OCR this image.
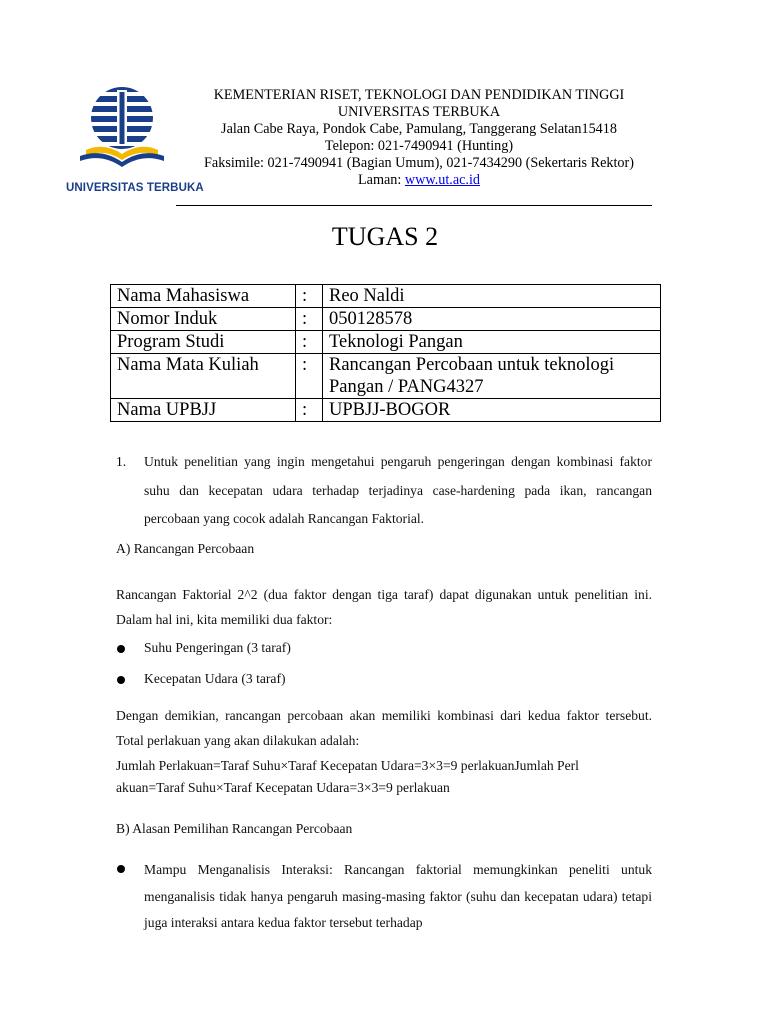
UNIVERSITAS TERBUKA
KEMENTERIAN RISET, TEKNOLOGI DAN PENDIDIKAN TINGGI
UNIVERSITAS TERBUKA
Jalan Cabe Raya, Pondok Cabe, Pamulang, Tanggerang Selatan15418
Telepon: 021-7490941 (Hunting)
Faksimile: 021-7490941 (Bagian Umum), 021-7434290 (Sekertaris Rektor)
Laman: www.ut.ac.id
TUGAS 2
Nama Mahasiswa	:	Reo Naldi
Nomor Induk	:	050128578
Program Studi	:	Teknologi Pangan
Nama Mata Kuliah	:	Rancangan Percobaan untuk teknologi Pangan / PANG4327
Nama UPBJJ	:	UPBJJ-BOGOR
1. Untuk penelitian yang ingin mengetahui pengaruh pengeringan dengan kombinasi faktor suhu dan kecepatan udara terhadap terjadinya case-hardening pada ikan, rancangan percobaan yang cocok adalah Rancangan Faktorial.
A) Rancangan Percobaan
Rancangan Faktorial 2^2 (dua faktor dengan tiga taraf) dapat digunakan untuk penelitian ini. Dalam hal ini, kita memiliki dua faktor:
Suhu Pengeringan (3 taraf)
Kecepatan Udara (3 taraf)
Dengan demikian, rancangan percobaan akan memiliki kombinasi dari kedua faktor tersebut. Total perlakuan yang akan dilakukan adalah:
Jumlah Perlakuan=Taraf Suhu×Taraf Kecepatan Udara=3×3=9 perlakuanJumlah Perl
akuan=Taraf Suhu×Taraf Kecepatan Udara=3×3=9 perlakuan
B) Alasan Pemilihan Rancangan Percobaan
Mampu Menganalisis Interaksi: Rancangan faktorial memungkinkan peneliti untuk menganalisis tidak hanya pengaruh masing-masing faktor (suhu dan kecepatan udara) tetapi juga interaksi antara kedua faktor tersebut terhadap
